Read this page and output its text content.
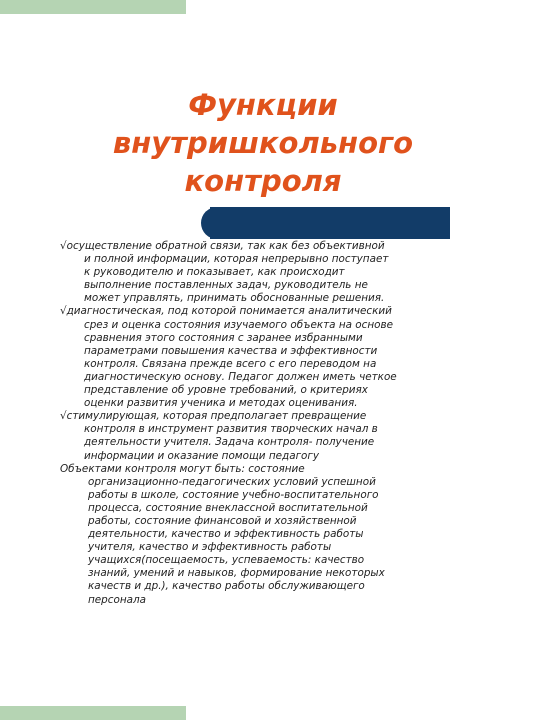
Функции
внутришкольного
контроля

√осуществление обратной связи, так как без объективной
и полной информации, которая непрерывно поступает
к руководителю и показывает, как происходит
выполнение поставленных задач, руководитель не
может управлять, принимать обоснованные решения.

√диагностическая, под которой понимается аналитический
срез и оценка состояния изучаемого объекта на основе
сравнения этого состояния с заранее избранными
параметрами повышения качества и эффективности
контроля. Связана прежде всего с его переводом на
диагностическую основу. Педагог должен иметь четкое
представление об уровне требований, о критериях
оценки развития ученика и методах оценивания.

√стимулирующая, которая предполагает превращение
контроля в инструмент развития творческих начал в
деятельности учителя. Задача контроля- получение
информации и оказание помощи педагогу

Объектами контроля могут быть: состояние
организационно-педагогических условий успешной
работы в школе, состояние учебно-воспитательного
процесса, состояние внеклассной воспитательной
работы, состояние финансовой и хозяйственной
деятельности, качество и эффективность работы
учителя, качество и эффективность работы
учащихся(посещаемость, успеваемость: качество
знаний, умений и навыков, формирование некоторых
качеств и др.), качество работы обслуживающего
персонала
